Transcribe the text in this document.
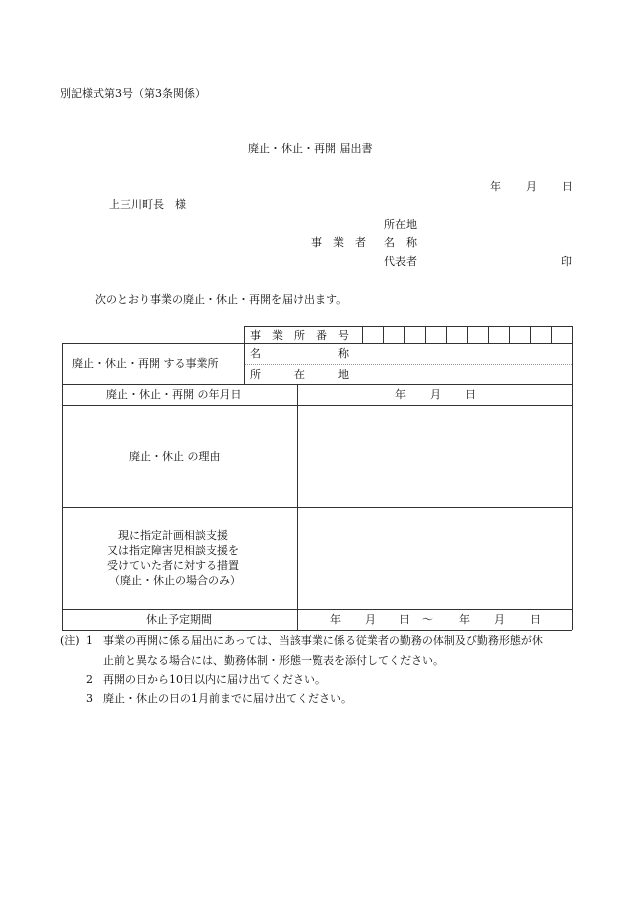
別記様式第3号（第3条関係）
廃止・休止・再開 届出書
年 月 日
上三川町長　様
所在地
事　業　者 名　称
代表者	印
次のとおり事業の廃止・休止・再開を届け出ます。
事　業　所　番　号
廃止・休止・再開 する事業所
名　　　　　　　称
所　　　在　　　地
廃止・休止・再開 の年月日	年 月 日
廃止・休止 の理由
現に指定計画相談支援
又は指定障害児相談支援を
受けていた者に対する措置
（廃止・休止の場合のみ）
休止予定期間	年 月 日 ～ 年 月 日
(注) 1 事業の再開に係る届出にあっては、当該事業に係る従業者の勤務の体制及び勤務形態が休
止前と異なる場合には、勤務体制・形態一覧表を添付してください。
2 再開の日から10日以内に届け出てください。
3 廃止・休止の日の1月前までに届け出てください。
